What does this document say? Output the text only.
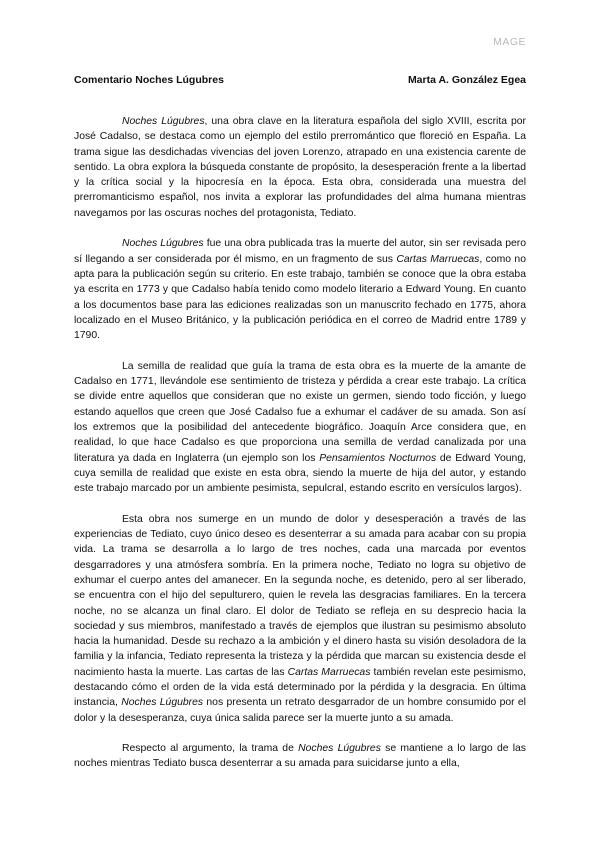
MAGE
Comentario Noches Lúgubres	Marta A. González Egea

Noches Lúgubres, una obra clave en la literatura española del siglo XVIII, escrita por José Cadalso, se destaca como un ejemplo del estilo prerromántico que floreció en España. La trama sigue las desdichadas vivencias del joven Lorenzo, atrapado en una existencia carente de sentido. La obra explora la búsqueda constante de propósito, la desesperación frente a la libertad y la crítica social y la hipocresía en la época. Esta obra, considerada una muestra del prerromanticismo español, nos invita a explorar las profundidades del alma humana mientras navegamos por las oscuras noches del protagonista, Tediato.

Noches Lúgubres fue una obra publicada tras la muerte del autor, sin ser revisada pero sí llegando a ser considerada por él mismo, en un fragmento de sus Cartas Marruecas, como no apta para la publicación según su criterio. En este trabajo, también se conoce que la obra estaba ya escrita en 1773 y que Cadalso había tenido como modelo literario a Edward Young. En cuanto a los documentos base para las ediciones realizadas son un manuscrito fechado en 1775, ahora localizado en el Museo Británico, y la publicación periódica en el correo de Madrid entre 1789 y 1790.

La semilla de realidad que guía la trama de esta obra es la muerte de la amante de Cadalso en 1771, llevándole ese sentimiento de tristeza y pérdida a crear este trabajo. La crítica se divide entre aquellos que consideran que no existe un germen, siendo todo ficción, y luego estando aquellos que creen que José Cadalso fue a exhumar el cadáver de su amada. Son así los extremos que la posibilidad del antecedente biográfico. Joaquín Arce considera que, en realidad, lo que hace Cadalso es que proporciona una semilla de verdad canalizada por una literatura ya dada en Inglaterra (un ejemplo son los Pensamientos Nocturnos de Edward Young, cuya semilla de realidad que existe en esta obra, siendo la muerte de hija del autor, y estando este trabajo marcado por un ambiente pesimista, sepulcral, estando escrito en versículos largos).

Esta obra nos sumerge en un mundo de dolor y desesperación a través de las experiencias de Tediato, cuyo único deseo es desenterrar a su amada para acabar con su propia vida. La trama se desarrolla a lo largo de tres noches, cada una marcada por eventos desgarradores y una atmósfera sombría. En la primera noche, Tediato no logra su objetivo de exhumar el cuerpo antes del amanecer. En la segunda noche, es detenido, pero al ser liberado, se encuentra con el hijo del sepulturero, quien le revela las desgracias familiares. En la tercera noche, no se alcanza un final claro. El dolor de Tediato se refleja en su desprecio hacia la sociedad y sus miembros, manifestado a través de ejemplos que ilustran su pesimismo absoluto hacia la humanidad. Desde su rechazo a la ambición y el dinero hasta su visión desoladora de la familia y la infancia, Tediato representa la tristeza y la pérdida que marcan su existencia desde el nacimiento hasta la muerte. Las cartas de las Cartas Marruecas también revelan este pesimismo, destacando cómo el orden de la vida está determinado por la pérdida y la desgracia. En última instancia, Noches Lúgubres nos presenta un retrato desgarrador de un hombre consumido por el dolor y la desesperanza, cuya única salida parece ser la muerte junto a su amada.

Respecto al argumento, la trama de Noches Lúgubres se mantiene a lo largo de las noches mientras Tediato busca desenterrar a su amada para suicidarse junto a ella,
